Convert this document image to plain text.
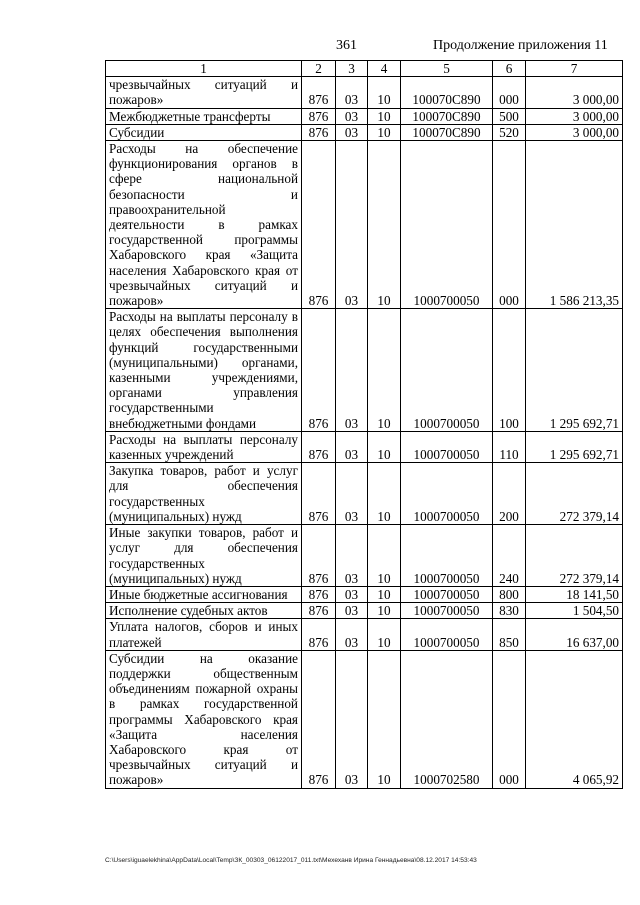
361	Продолжение приложения 11
1	2	3	4	5	6	7
чрезвычайных ситуаций и пожаров»	876	03	10	100070С890	000	3 000,00
Межбюджетные трансферты	876	03	10	100070С890	500	3 000,00
Субсидии	876	03	10	100070С890	520	3 000,00
Расходы на обеспечение функционирования органов в сфере национальной безопасности и правоохранительной деятельности в рамках государственной программы Хабаровского края «Защита населения Хабаровского края от чрезвычайных ситуаций и пожаров»	876	03	10	1000700050	000	1 586 213,35
Расходы на выплаты персоналу в целях обеспечения выполнения функций государственными (муниципальными) органами, казенными учреждениями, органами управления государственными внебюджетными фондами	876	03	10	1000700050	100	1 295 692,71
Расходы на выплаты персоналу казенных учреждений	876	03	10	1000700050	110	1 295 692,71
Закупка товаров, работ и услуг для обеспечения государственных (муниципальных) нужд	876	03	10	1000700050	200	272 379,14
Иные закупки товаров, работ и услуг для обеспечения государственных (муниципальных) нужд	876	03	10	1000700050	240	272 379,14
Иные бюджетные ассигнования	876	03	10	1000700050	800	18 141,50
Исполнение судебных актов	876	03	10	1000700050	830	1 504,50
Уплата налогов, сборов и иных платежей	876	03	10	1000700050	850	16 637,00
Субсидии на оказание поддержки общественным объединениям пожарной охраны в рамках государственной программы Хабаровского края «Защита населения Хабаровского края от чрезвычайных ситуаций и пожаров»	876	03	10	1000702580	000	4 065,92
C:\Users\iguaelekhina\AppData\Local\Temp\ЗК_00303_06122017_011.txt\Мехеханв Ирина Геннадьевна\08.12.2017 14:53:43
